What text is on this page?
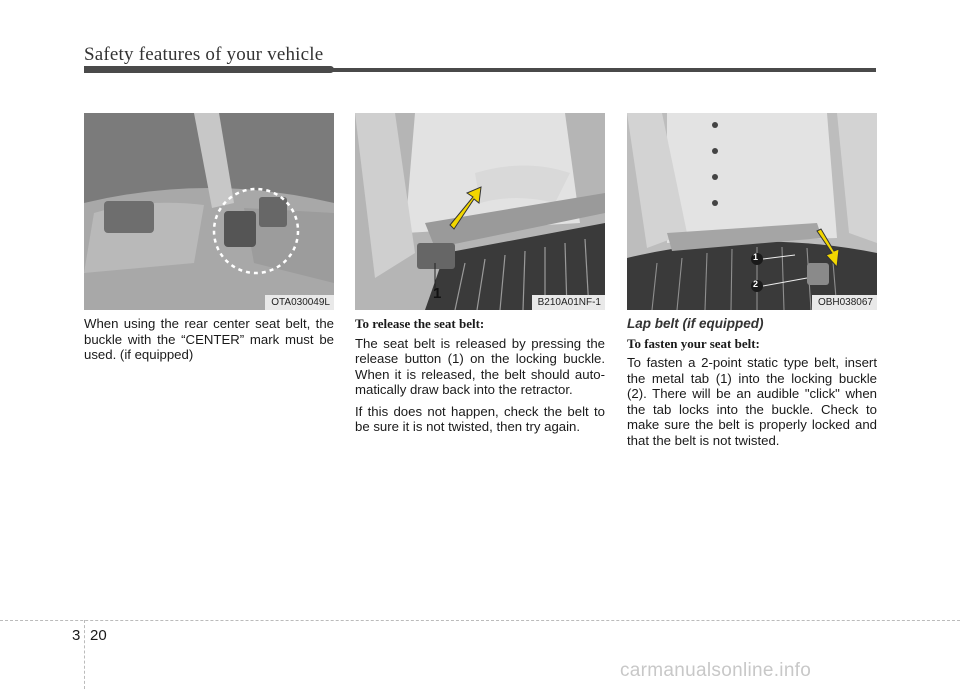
Safety features of your vehicle
OTA030049L
1
B210A01NF-1
1
2
OBH038067

When using the rear center seat belt, the buckle with the “CENTER” mark must be used. (if equipped)

To release the seat belt:

The seat belt is released by pressing the release button (1) on the locking buckle. When it is released, the belt should auto-matically draw back into the retractor.

If this does not happen, check the belt to be sure it is not twisted, then try again.

Lap belt (if equipped)
To fasten your seat belt:

To fasten a 2-point static type belt, insert the metal tab (1) into the locking buckle (2). There will be an audible "click" when the tab locks into the buckle. Check to make sure the belt is properly locked and that the belt is not twisted.

3 20
carmanualsonline.info
